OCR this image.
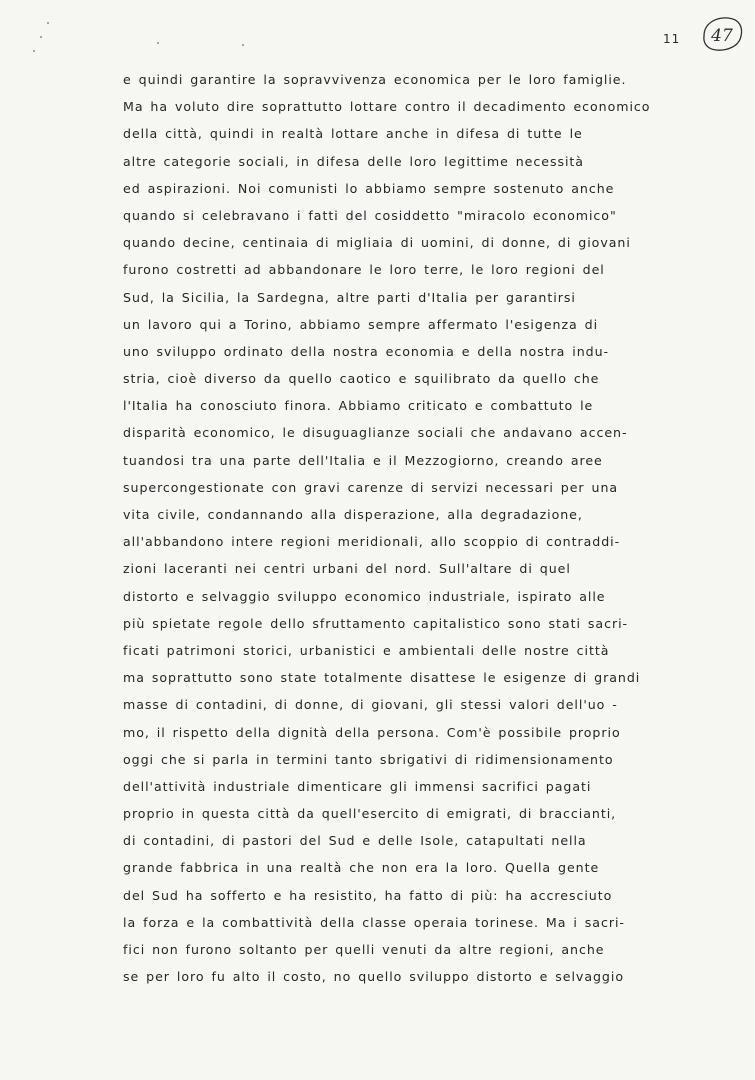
11 47
e quindi garantire la sopravvivenza economica per le loro famiglie.
Ma ha voluto dire soprattutto lottare contro il decadimento economico
della città, quindi in realtà lottare anche in difesa di tutte le
altre categorie sociali, in difesa delle loro legittime necessità
ed aspirazioni. Noi comunisti lo abbiamo sempre sostenuto anche
quando si celebravano i fatti del cosiddetto "miracolo economico"
quando decine, centinaia di migliaia di uomini, di donne, di giovani
furono costretti ad abbandonare le loro terre, le loro regioni del
Sud, la Sicilia, la Sardegna, altre parti d'Italia per garantirsi
un lavoro qui a Torino, abbiamo sempre affermato l'esigenza di
uno sviluppo ordinato della nostra economia e della nostra indu-
stria, cioè diverso da quello caotico e squilibrato da quello che
l'Italia ha conosciuto finora. Abbiamo criticato e combattuto le
disparità economico, le disuguaglianze sociali che andavano accen-
tuandosi tra una parte dell'Italia e il Mezzogiorno, creando aree
supercongestionate con gravi carenze di servizi necessari per una
vita civile, condannando alla disperazione, alla degradazione,
all'abbandono intere regioni meridionali, allo scoppio di contraddi-
zioni laceranti nei centri urbani del nord. Sull'altare di quel
distorto e selvaggio sviluppo economico industriale, ispirato alle
più spietate regole dello sfruttamento capitalistico sono stati sacri-
ficati patrimoni storici, urbanistici e ambientali delle nostre città
ma soprattutto sono state totalmente disattese le esigenze di grandi
masse di contadini, di donne, di giovani, gli stessi valori dell'uo -
mo, il rispetto della dignità della persona. Com'è possibile proprio
oggi che si parla in termini tanto sbrigativi di ridimensionamento
dell'attività industriale dimenticare gli immensi sacrifici pagati
proprio in questa città da quell'esercito di emigrati, di braccianti,
di contadini, di pastori del Sud e delle Isole, catapultati nella
grande fabbrica in una realtà che non era la loro. Quella gente
del Sud ha sofferto e ha resistito, ha fatto di più: ha accresciuto
la forza e la combattività della classe operaia torinese. Ma i sacri-
fici non furono soltanto per quelli venuti da altre regioni, anche
se per loro fu alto il costo, no quello sviluppo distorto e selvaggio
